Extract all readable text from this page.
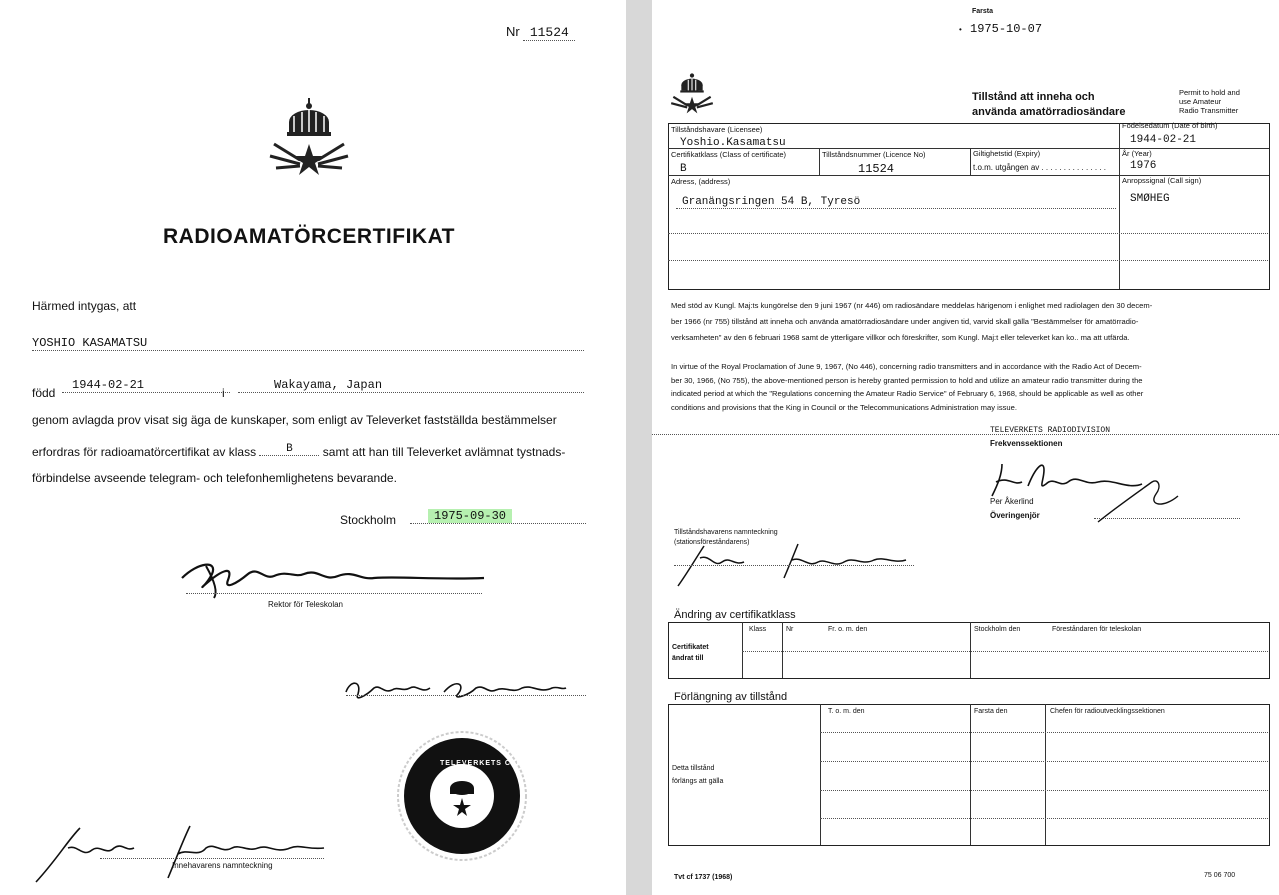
Nr 11524
RADIOAMATÖRCERTIFIKAT
Härmed intygas, att
YOSHIO KASAMATSU
född
1944-02-21
i
Wakayama, Japan
genom avlagda prov visat sig äga de kunskaper, som enligt av Televerket fastställda bestämmelser
erfordras för radioamatörcertifikat av klass	B	samt att han till Televerket avlämnat tystnads-
förbindelse avseende telegram- och telefonhemlighetens bevarande.
Stockholm	1975-09-30
Rektor för Teleskolan
TELEVERKETS CENTRALFÖRVALTNING
Innehavarens namnteckning
Farsta
• 1975-10-07
Tillstånd att inneha och
använda amatörradiosändare
Permit to hold and
use Amateur
Radio Transmitter
Tillståndshavare (Licensee)
Yoshio.Kasamatsu
Födelsedatum (Date of birth)
1944-02-21
Certifikatklass (Class of certificate)
B
Tillståndsnummer (Licence No)
11524
Giltighetstid (Expiry)
t.o.m. utgången av . . . . . . . . . . . . . . .
År (Year)
1976
Adress, (address)
Granängsringen 54 B, Tyresö
Anropssignal (Call sign)
SMØHEG
Med stöd av Kungl. Maj:ts kungörelse den 9 juni 1967 (nr 446) om radiosändare meddelas härigenom i enlighet med radiolagen den 30 decem-
ber 1966 (nr 755) tillstånd att inneha och använda amatörradiosändare under angiven tid, varvid skall gälla "Bestämmelser för amatörradio-
verksamheten" av den 6 februari 1968 samt de ytterligare villkor och föreskrifter, som Kungl. Maj:t eller televerket kan ko.. ma att utfärda.
In virtue of the Royal Proclamation of June 9, 1967, (No 446), concerning radio transmitters and in accordance with the Radio Act of Decem-
ber 30, 1966, (No 755), the above-mentioned person is hereby granted permission to hold and utilize an amateur radio transmitter during the
indicated period at which the "Regulations concerning the Amateur Radio Service" of February 6, 1968, should be applicable as well as other
conditions and provisions that the King in Council or the Telecommunications Administration may issue.
TELEVERKETS RADIODIVISION
Frekvenssektionen
Per Åkerlind
Överingenjör
Tillståndshavarens namnteckning
(stationsföreståndarens)
Ändring av certifikatklass
Klass	Nr	Fr. o. m. den	Stockholm den	Föreståndaren för teleskolan
Certifikatet
ändrat till
Förlängning av tillstånd
T. o. m. den	Farsta den	Chefen för radioutvecklingssektionen
Detta tillstånd
förlängs att gälla
Tvt cf 1737 (1968)	75 06 700
